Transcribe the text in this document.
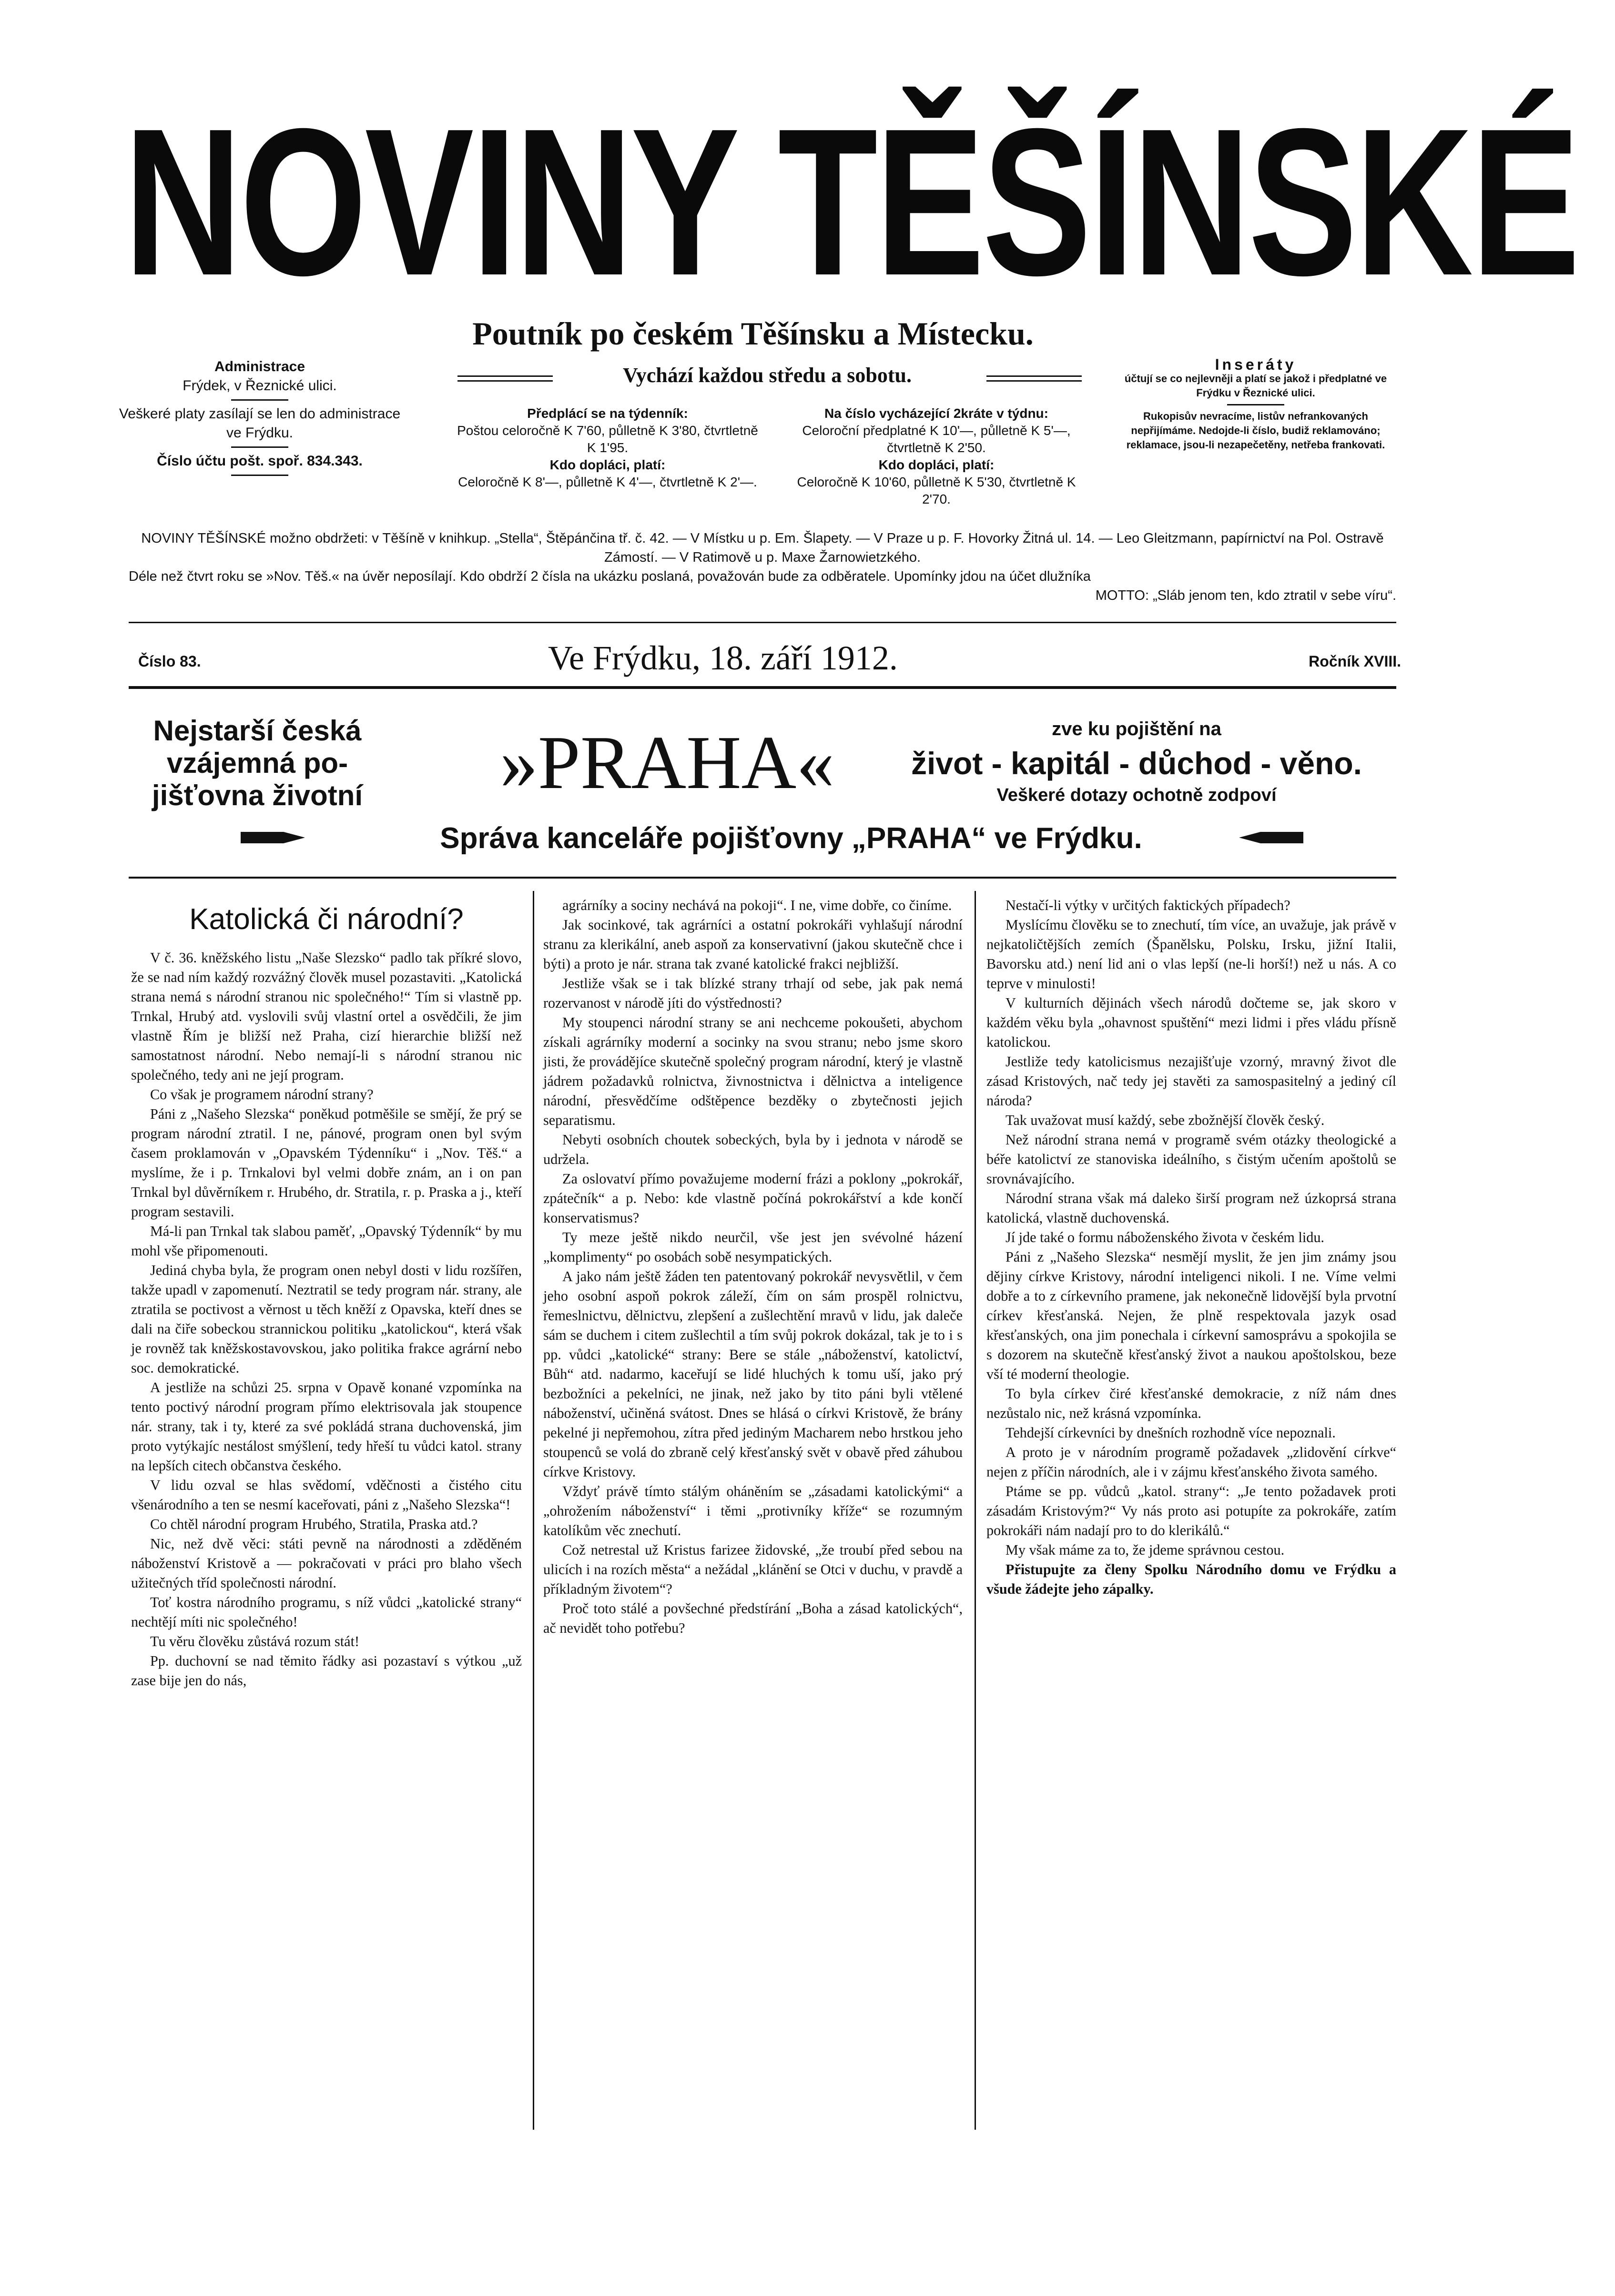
NOVINY TĚŠÍNSKÉ
Poutník po českém Těšínsku a Místecku.
Administrace
Frýdek, v Řeznické ulici.
Veškeré platy zasílají se len do administrace ve Frýdku.
Číslo účtu pošt. spoř. 834.343.
Vychází každou středu a sobotu.
Předplácí se na týdenník:
Poštou celoročně K 7'60, půlletně K 3'80, čtvrtletně K 1'95.
Kdo dopláci, platí:
Celoročně K 8'—, půlletně K 4'—, čtvrtletně K 2'—.
Na číslo vycházející 2kráte v týdnu:
Celoroční předplatné K 10'—, půlletně K 5'—, čtvrtletně K 2'50.
Kdo dopláci, platí:
Celoročně K 10'60, půlletně K 5'30, čtvrtletně K 2'70.
Inseráty
účtují se co nejlevněji a platí se jakož i předplatné ve Frýdku v Řeznické ulici.
Rukopisův nevracíme, listův nefrankovaných nepřijímáme. Nedojde-li číslo, budiž reklamováno; reklamace, jsou-li nezapečetěny, netřeba frankovati.
NOVINY TĚŠÍNSKÉ možno obdržeti: v Těšíně v knihkup. „Stella“, Štěpánčina tř. č. 42. — V Místku u p. Em. Šlapety. — V Praze u p. F. Hovorky Žitná ul. 14. — Leo Gleitzmann, papírnictví na Pol. Ostravě Zámostí. — V Ratimově u p. Maxe Žarnowietzkého.
Déle než čtvrt roku se »Nov. Těš.« na úvěr neposílají. Kdo obdrží 2 čísla na ukázku poslaná, považován bude za odběratele. Upomínky jdou na účet dlužníka
MOTTO: „Sláb jenom ten, kdo ztratil v sebe víru“.
Číslo 83.	Ve Frýdku, 18. září 1912.	Ročník XVIII.
Nejstarší česká vzájemná pojišťovna životní	»PRAHA«	zve ku pojištění na
život - kapitál - důchod - věno.
Veškeré dotazy ochotně zodpoví
Správa kanceláře pojišťovny „PRAHA“ ve Frýdku.
Katolická či národní?

V č. 36. kněžského listu „Naše Slezsko“ padlo tak příkré slovo, že se nad ním každý rozvážný člověk musel pozastaviti. „Katolická strana nemá s národní stranou nic společného!“ Tím si vlastně pp. Trnkal, Hrubý atd. vyslovili svůj vlastní ortel a osvědčili, že jim vlastně Řím je bližší než Praha, cizí hierarchie bližší než samostatnost národní. Nebo nemají-li s národní stranou nic společného, tedy ani ne její program.

Co však je programem národní strany?

Páni z „Našeho Slezska“ poněkud potměšile se smějí, že prý se program národní ztratil. I ne, pánové, program onen byl svým časem proklamován v „Opavském Týdenníku“ i „Nov. Těš.“ a myslíme, že i p. Trnkalovi byl velmi dobře znám, an i on pan Trnkal byl důvěrníkem r. Hrubého, dr. Stratila, r. p. Praska a j., kteří program sestavili.

Má-li pan Trnkal tak slabou paměť, „Opavský Týdenník“ by mu mohl vše připomenouti.

Jediná chyba byla, že program onen nebyl dosti v lidu rozšířen, takže upadl v zapomenutí. Neztratil se tedy program nár. strany, ale ztratila se poctivost a věrnost u těch kněží z Opavska, kteří dnes se dali na čiře sobeckou strannickou politiku „katolickou“, která však je rovněž tak kněžskostavovskou, jako politika frakce agrární nebo soc. demokratické.

A jestliže na schůzi 25. srpna v Opavě konané vzpomínka na tento poctivý národní program přímo elektrisovala jak stoupence nár. strany, tak i ty, které za své pokládá strana duchovenská, jim proto vytýkajíc nestálost smýšlení, tedy hřeší tu vůdci katol. strany na lepších citech občanstva českého.

V lidu ozval se hlas svědomí, vděčnosti a čistého citu všenárodního a ten se nesmí kaceřovati, páni z „Našeho Slezska“!

Co chtěl národní program Hrubého, Stratila, Praska atd.?

Nic, než dvě věci: státi pevně na národnosti a zděděném náboženství Kristově a — pokračovati v práci pro blaho všech užitečných tříd společnosti národní.

Toť kostra národního programu, s níž vůdci „katolické strany“ nechtějí míti nic společného!

Tu věru člověku zůstává rozum stát!

Pp. duchovní se nad těmito řádky asi pozastaví s výtkou „už zase bije jen do nás,

agrárníky a sociny nechává na pokoji“. I ne, vime dobře, co činíme.

Jak socinkové, tak agrárníci a ostatní pokrokáři vyhlašují národní stranu za klerikální, aneb aspoň za konservativní (jakou skutečně chce i býti) a proto je nár. strana tak zvané katolické frakci nejbližší.

Jestliže však se i tak blízké strany trhají od sebe, jak pak nemá rozervanost v národě jíti do výstřednosti?

My stoupenci národní strany se ani nechceme pokoušeti, abychom získali agrárníky moderní a socinky na svou stranu; nebo jsme skoro jisti, že provádějíce skutečně společný program národní, který je vlastně jádrem požadavků rolnictva, živnostnictva i dělnictva a inteligence národní, přesvědčíme odštěpence bezděky o zbytečnosti jejich separatismu.

Nebyti osobních choutek sobeckých, byla by i jednota v národě se udržela.

Za oslovatví přímo považujeme moderní frázi a poklony „pokrokář, zpátečník“ a p. Nebo: kde vlastně počíná pokrokářství a kde končí konservatismus?

Ty meze ještě nikdo neurčil, vše jest jen svévolné házení „komplimenty“ po osobách sobě nesympatických.

A jako nám ještě žáden ten patentovaný pokrokář nevysvětlil, v čem jeho osobní aspoň pokrok záleží, čím on sám prospěl rolnictvu, řemeslnictvu, dělnictvu, zlepšení a zušlechtění mravů v lidu, jak daleče sám se duchem i citem zušlechtil a tím svůj pokrok dokázal, tak je to i s pp. vůdci „katolické“ strany: Bere se stále „náboženství, katolictví, Bůh“ atd. nadarmo, kaceřují se lidé hluchých k tomu uší, jako prý bezbožníci a pekelníci, ne jinak, než jako by tito páni byli vtělené náboženství, učiněná svátost. Dnes se hlásá o církvi Kristově, že brány pekelné ji nepřemohou, zítra před jediným Macharem nebo hrstkou jeho stoupenců se volá do zbraně celý křesťanský svět v obavě před záhubou církve Kristovy.

Vždyť právě tímto stálým oháněním se „zásadami katolickými“ a „ohrožením náboženství“ i těmi „protivníky kříže“ se rozumným katolíkům věc znechutí.

Což netrestal už Kristus farizee židovské, „že troubí před sebou na ulicích i na rozích města“ a nežádal „klánění se Otci v duchu, v pravdě a příkladným životem“?

Proč toto stálé a povšechné předstírání „Boha a zásad katolických“, ač nevidět toho potřebu?

Nestačí-li výtky v určitých faktických případech?

Myslícímu člověku se to znechutí, tím více, an uvažuje, jak právě v nejkatoličtějších zemích (Španělsku, Polsku, Irsku, jižní Italii, Bavorsku atd.) není lid ani o vlas lepší (ne-li horší!) než u nás. A co teprve v minulosti!

V kulturních dějinách všech národů dočteme se, jak skoro v každém věku byla „ohavnost spuštění“ mezi lidmi i přes vládu přísně katolickou.

Jestliže tedy katolicismus nezajišťuje vzorný, mravný život dle zásad Kristových, nač tedy jej stavěti za samospasitelný a jediný cíl národa?

Tak uvažovat musí každý, sebe zbožnější člověk český.

Než národní strana nemá v programě svém otázky theologické a béře katolictví ze stanoviska ideálního, s čistým učením apoštolů se srovnávajícího.

Národní strana však má daleko širší program než úzkoprsá strana katolická, vlastně duchovenská.

Jí jde také o formu náboženského života v českém lidu.

Páni z „Našeho Slezska“ nesmějí myslit, že jen jim známy jsou dějiny církve Kristovy, národní inteligenci nikoli. I ne. Víme velmi dobře a to z církevního pramene, jak nekonečně lidovější byla prvotní církev křesťanská. Nejen, že plně respektovala jazyk osad křesťanských, ona jim ponechala i církevní samosprávu a spokojila se s dozorem na skutečně křesťanský život a naukou apoštolskou, beze vší té moderní theologie.

To byla církev čiré křesťanské demokracie, z níž nám dnes nezůstalo nic, než krásná vzpomínka.

Tehdejší církevníci by dnešních rozhodně více nepoznali.

A proto je v národním programě požadavek „zlidovění církve“ nejen z příčin národních, ale i v zájmu křesťanského života samého.

Ptáme se pp. vůdců „katol. strany“: „Je tento požadavek proti zásadám Kristovým?“ Vy nás proto asi potupíte za pokrokáře, zatím pokrokáři nám nadají pro to do klerikálů.“

My však máme za to, že jdeme správnou cestou.

Přistupujte za členy Spolku Národního domu ve Frýdku a všude žádejte jeho zápalky.
